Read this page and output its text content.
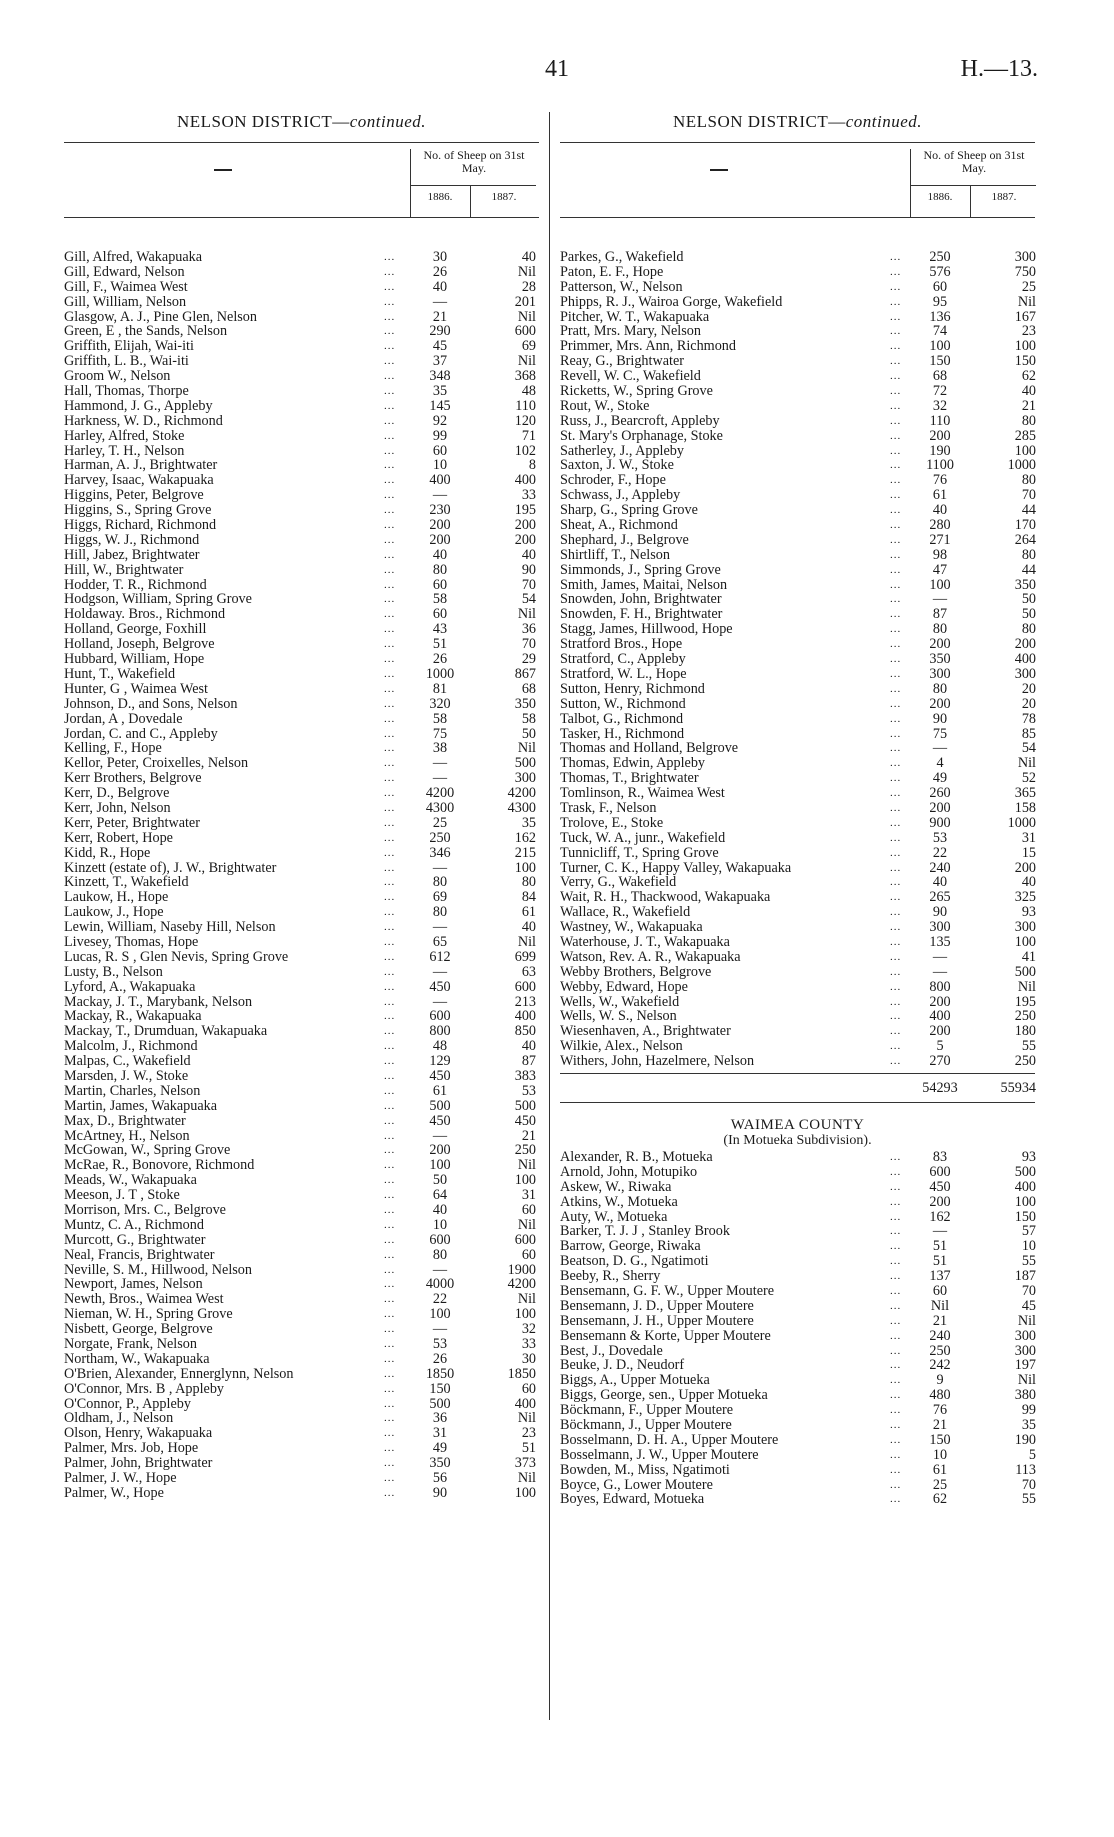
41	H.—13.
NELSON DISTRICT—continued.
No. of Sheep on 31st May.
1886.	1887.
Gill, Alfred, Wakapuaka	...	30	40
Gill, Edward, Nelson	...	26	Nil
Gill, F., Waimea West	...	40	28
Gill, William, Nelson	...	—	201
Glasgow, A. J., Pine Glen, Nelson	...	21	Nil
Green, E , the Sands, Nelson	...	290	600
Griffith, Elijah, Wai-iti	...	45	69
Griffith, L. B., Wai-iti	...	37	Nil
Groom W., Nelson	...	348	368
Hall, Thomas, Thorpe	...	35	48
Hammond, J. G., Appleby	...	145	110
Harkness, W. D., Richmond	...	92	120
Harley, Alfred, Stoke	...	99	71
Harley, T. H., Nelson	...	60	102
Harman, A. J., Brightwater	...	10	8
Harvey, Isaac, Wakapuaka	...	400	400
Higgins, Peter, Belgrove	...	—	33
Higgins, S., Spring Grove	...	230	195
Higgs, Richard, Richmond	...	200	200
Higgs, W. J., Richmond	...	200	200
Hill, Jabez, Brightwater	...	40	40
Hill, W., Brightwater	...	80	90
Hodder, T. R., Richmond	...	60	70
Hodgson, William, Spring Grove	...	58	54
Holdaway. Bros., Richmond	...	60	Nil
Holland, George, Foxhill	...	43	36
Holland, Joseph, Belgrove	...	51	70
Hubbard, William, Hope	...	26	29
Hunt, T., Wakefield	...	1000	867
Hunter, G , Waimea West	...	81	68
Johnson, D., and Sons, Nelson	...	320	350
Jordan, A , Dovedale	...	58	58
Jordan, C. and C., Appleby	...	75	50
Kelling, F., Hope	...	38	Nil
Kellor, Peter, Croixelles, Nelson	...	—	500
Kerr Brothers, Belgrove	...	—	300
Kerr, D., Belgrove	...	4200	4200
Kerr, John, Nelson	...	4300	4300
Kerr, Peter, Brightwater	...	25	35
Kerr, Robert, Hope	...	250	162
Kidd, R., Hope	...	346	215
Kinzett (estate of), J. W., Brightwater	...	—	100
Kinzett, T., Wakefield	...	80	80
Laukow, H., Hope	...	69	84
Laukow, J., Hope	...	80	61
Lewin, William, Naseby Hill, Nelson	...	—	40
Livesey, Thomas, Hope	...	65	Nil
Lucas, R. S , Glen Nevis, Spring Grove	...	612	699
Lusty, B., Nelson	...	—	63
Lyford, A., Wakapuaka	...	450	600
Mackay, J. T., Marybank, Nelson	...	—	213
Mackay, R., Wakapuaka	...	600	400
Mackay, T., Drumduan, Wakapuaka	...	800	850
Malcolm, J., Richmond	...	48	40
Malpas, C., Wakefield	...	129	87
Marsden, J. W., Stoke	...	450	383
Martin, Charles, Nelson	...	61	53
Martin, James, Wakapuaka	...	500	500
Max, D., Brightwater	...	450	450
McArtney, H., Nelson	...	—	21
McGowan, W., Spring Grove	...	200	250
McRae, R., Bonovore, Richmond	...	100	Nil
Meads, W., Wakapuaka	...	50	100
Meeson, J. T , Stoke	...	64	31
Morrison, Mrs. C., Belgrove	...	40	60
Muntz, C. A., Richmond	...	10	Nil
Murcott, G., Brightwater	...	600	600
Neal, Francis, Brightwater	...	80	60
Neville, S. M., Hillwood, Nelson	...	—	1900
Newport, James, Nelson	...	4000	4200
Newth, Bros., Waimea West	...	22	Nil
Nieman, W. H., Spring Grove	...	100	100
Nisbett, George, Belgrove	...	—	32
Norgate, Frank, Nelson	...	53	33
Northam, W., Wakapuaka	...	26	30
O'Brien, Alexander, Ennerglynn, Nelson	...	1850	1850
O'Connor, Mrs. B , Appleby	...	150	60
O'Connor, P., Appleby	...	500	400
Oldham, J., Nelson	...	36	Nil
Olson, Henry, Wakapuaka	...	31	23
Palmer, Mrs. Job, Hope	...	49	51
Palmer, John, Brightwater	...	350	373
Palmer, J. W., Hope	...	56	Nil
Palmer, W., Hope	...	90	100
NELSON DISTRICT—continued.
No. of Sheep on 31st May.
1886.	1887.
Parkes, G., Wakefield	...	250	300
Paton, E. F., Hope	...	576	750
Patterson, W., Nelson	...	60	25
Phipps, R. J., Wairoa Gorge, Wakefield	...	95	Nil
Pitcher, W. T., Wakapuaka	...	136	167
Pratt, Mrs. Mary, Nelson	...	74	23
Primmer, Mrs. Ann, Richmond	...	100	100
Reay, G., Brightwater	...	150	150
Revell, W. C., Wakefield	...	68	62
Ricketts, W., Spring Grove	...	72	40
Rout, W., Stoke	...	32	21
Russ, J., Bearcroft, Appleby	...	110	80
St. Mary's Orphanage, Stoke	...	200	285
Satherley, J., Appleby	...	190	100
Saxton, J. W., Stoke	...	1100	1000
Schroder, F., Hope	...	76	80
Schwass, J., Appleby	...	61	70
Sharp, G., Spring Grove	...	40	44
Sheat, A., Richmond	...	280	170
Shephard, J., Belgrove	...	271	264
Shirtliff, T., Nelson	...	98	80
Simmonds, J., Spring Grove	...	47	44
Smith, James, Maitai, Nelson	...	100	350
Snowden, John, Brightwater	...	—	50
Snowden, F. H., Brightwater	...	87	50
Stagg, James, Hillwood, Hope	...	80	80
Stratford Bros., Hope	...	200	200
Stratford, C., Appleby	...	350	400
Stratford, W. L., Hope	...	300	300
Sutton, Henry, Richmond	...	80	20
Sutton, W., Richmond	...	200	20
Talbot, G., Richmond	...	90	78
Tasker, H., Richmond	...	75	85
Thomas and Holland, Belgrove	...	—	54
Thomas, Edwin, Appleby	...	4	Nil
Thomas, T., Brightwater	...	49	52
Tomlinson, R., Waimea West	...	260	365
Trask, F., Nelson	...	200	158
Trolove, E., Stoke	...	900	1000
Tuck, W. A., junr., Wakefield	...	53	31
Tunnicliff, T., Spring Grove	...	22	15
Turner, C. K., Happy Valley, Wakapuaka	...	240	200
Verry, G., Wakefield	...	40	40
Wait, R. H., Thackwood, Wakapuaka	...	265	325
Wallace, R., Wakefield	...	90	93
Wastney, W., Wakapuaka	...	300	300
Waterhouse, J. T., Wakapuaka	...	135	100
Watson, Rev. A. R., Wakapuaka	...	—	41
Webby Brothers, Belgrove	...	—	500
Webby, Edward, Hope	...	800	Nil
Wells, W., Wakefield	...	200	195
Wells, W. S., Nelson	...	400	250
Wiesenhaven, A., Brightwater	...	200	180
Wilkie, Alex., Nelson	...	5	55
Withers, John, Hazelmere, Nelson	...	270	250
54293	55934
WAIMEA COUNTY
(In Motueka Subdivision).
Alexander, R. B., Motueka	...	83	93
Arnold, John, Motupiko	...	600	500
Askew, W., Riwaka	...	450	400
Atkins, W., Motueka	...	200	100
Auty, W., Motueka	...	162	150
Barker, T. J. J , Stanley Brook	...	—	57
Barrow, George, Riwaka	...	51	10
Beatson, D. G., Ngatimoti	...	51	55
Beeby, R., Sherry	...	137	187
Bensemann, G. F. W., Upper Moutere	...	60	70
Bensemann, J. D., Upper Moutere	...	Nil	45
Bensemann, J. H., Upper Moutere	...	21	Nil
Bensemann & Korte, Upper Moutere	...	240	300
Best, J., Dovedale	...	250	300
Beuke, J. D., Neudorf	...	242	197
Biggs, A., Upper Motueka	...	9	Nil
Biggs, George, sen., Upper Motueka	...	480	380
Böckmann, F., Upper Moutere	...	76	99
Böckmann, J., Upper Moutere	...	21	35
Bosselmann, D. H. A., Upper Moutere	...	150	190
Bosselmann, J. W., Upper Moutere	...	10	5
Bowden, M., Miss, Ngatimoti	...	61	113
Boyce, G., Lower Moutere	...	25	70
Boyes, Edward, Motueka	...	62	55
